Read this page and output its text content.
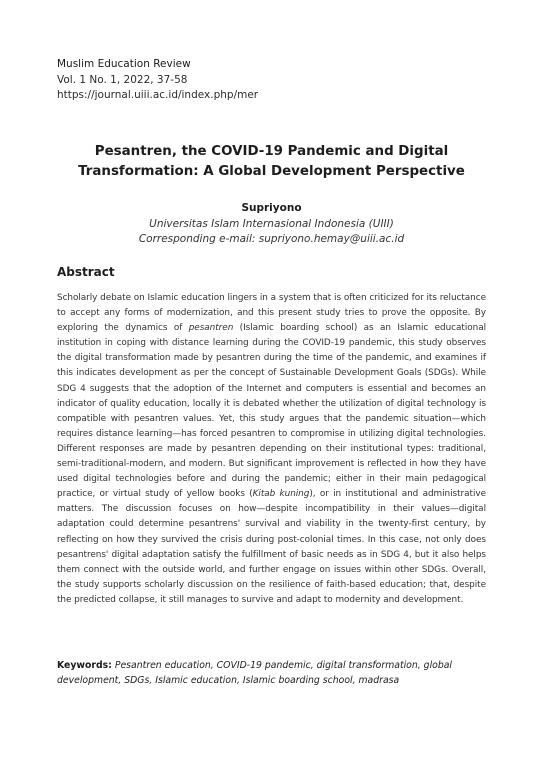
Muslim Education Review
Vol. 1 No. 1, 2022, 37-58
https://journal.uiii.ac.id/index.php/mer
Pesantren, the COVID-19 Pandemic and Digital
Transformation: A Global Development Perspective
Supriyono
Universitas Islam Internasional Indonesia (UIII)
Corresponding e-mail: supriyono.hemay@uiii.ac.id
Abstract
Scholarly debate on Islamic education lingers in a system that is often criticized for its reluctance to accept any forms of modernization, and this present study tries to prove the opposite. By exploring the dynamics of pesantren (Islamic boarding school) as an Islamic educational institution in coping with distance learning during the COVID-19 pandemic, this study observes the digital transformation made by pesantren during the time of the pandemic, and examines if this indicates development as per the concept of Sustainable Development Goals (SDGs). While SDG 4 suggests that the adoption of the Internet and computers is essential and becomes an indicator of quality education, locally it is debated whether the utilization of digital technology is compatible with pesantren values. Yet, this study argues that the pandemic situation—which requires distance learning—has forced pesantren to compromise in utilizing digital technologies. Different responses are made by pesantren depending on their institutional types: traditional, semi-traditional-modern, and modern. But significant improvement is reflected in how they have used digital technologies before and during the pandemic; either in their main pedagogical practice, or virtual study of yellow books (Kitab kuning), or in institutional and administrative matters. The discussion focuses on how—despite incompatibility in their values—digital adaptation could determine pesantrens' survival and viability in the twenty-first century, by reflecting on how they survived the crisis during post-colonial times. In this case, not only does pesantrens' digital adaptation satisfy the fulfillment of basic needs as in SDG 4, but it also helps them connect with the outside world, and further engage on issues within other SDGs. Overall, the study supports scholarly discussion on the resilience of faith-based education; that, despite the predicted collapse, it still manages to survive and adapt to modernity and development.
Keywords: Pesantren education, COVID-19 pandemic, digital transformation, global development, SDGs, Islamic education, Islamic boarding school, madrasa
